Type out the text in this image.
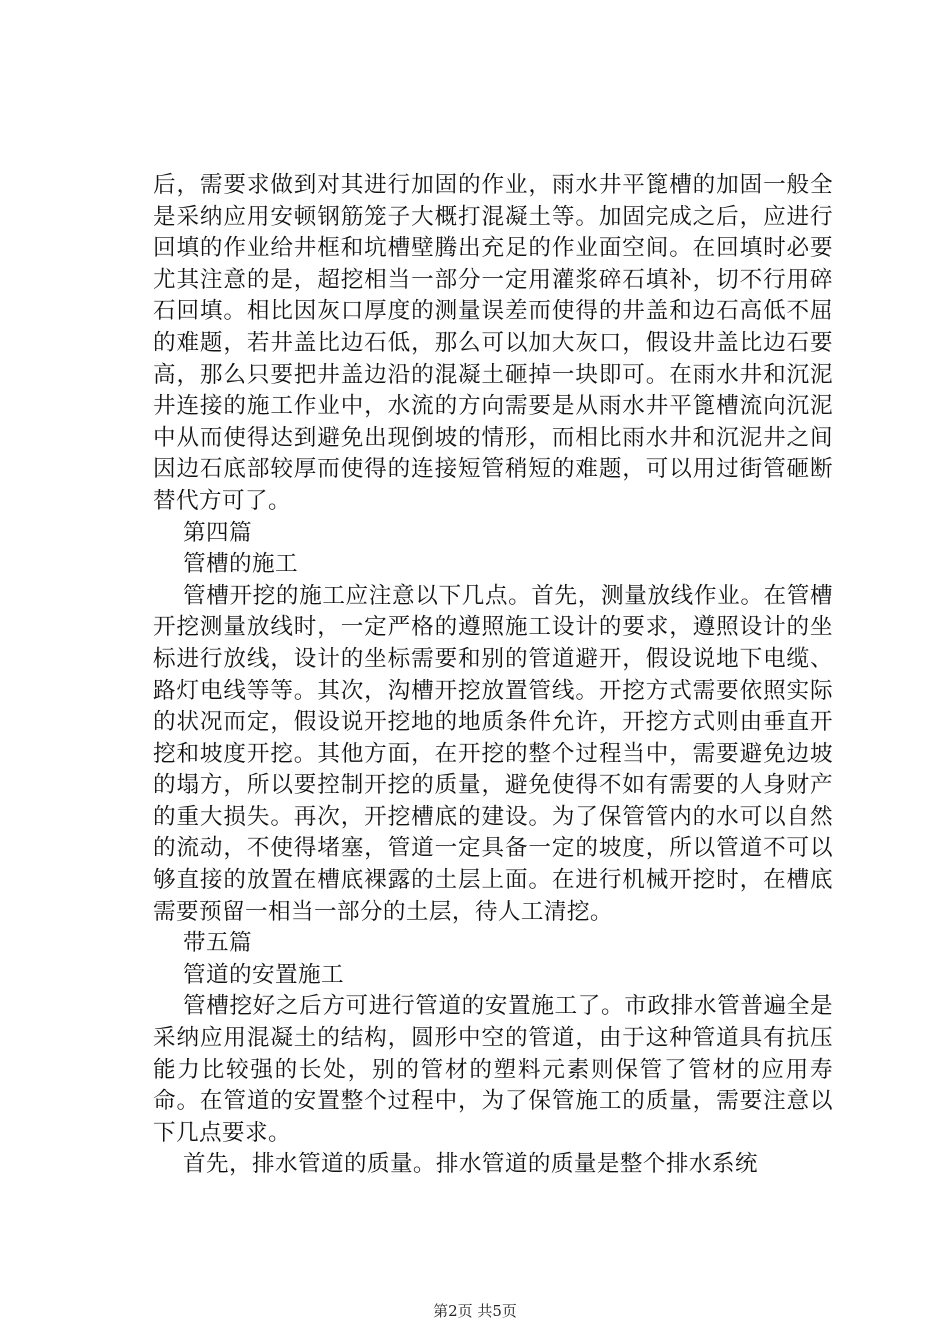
后，需要求做到对其进行加固的作业，雨水井平篦槽的加固一般全是采纳应用安顿钢筋笼子大概打混凝土等。加固完成之后，应进行回填的作业给井框和坑槽壁腾出充足的作业面空间。在回填时必要尤其注意的是，超挖相当一部分一定用灌浆碎石填补，切不行用碎石回填。相比因灰口厚度的测量误差而使得的井盖和边石高低不屈的难题，若井盖比边石低，那么可以加大灰口，假设井盖比边石要高，那么只要把井盖边沿的混凝土砸掉一块即可。在雨水井和沉泥井连接的施工作业中，水流的方向需要是从雨水井平篦槽流向沉泥中从而使得达到避免出现倒坡的情形，而相比雨水井和沉泥井之间因边石底部较厚而使得的连接短管稍短的难题，可以用过街管砸断替代方可了。

第四篇

管槽的施工

管槽开挖的施工应注意以下几点。首先，测量放线作业。在管槽开挖测量放线时，一定严格的遵照施工设计的要求，遵照设计的坐标进行放线，设计的坐标需要和别的管道避开，假设说地下电缆、路灯电线等等。其次，沟槽开挖放置管线。开挖方式需要依照实际的状况而定，假设说开挖地的地质条件允许，开挖方式则由垂直开挖和坡度开挖。其他方面，在开挖的整个过程当中，需要避免边坡的塌方，所以要控制开挖的质量，避免使得不如有需要的人身财产的重大损失。再次，开挖槽底的建设。为了保管管内的水可以自然的流动，不使得堵塞，管道一定具备一定的坡度，所以管道不可以够直接的放置在槽底裸露的土层上面。在进行机械开挖时，在槽底需要预留一相当一部分的土层，待人工清挖。

带五篇

管道的安置施工

管槽挖好之后方可进行管道的安置施工了。市政排水管普遍全是采纳应用混凝土的结构，圆形中空的管道，由于这种管道具有抗压能力比较强的长处，别的管材的塑料元素则保管了管材的应用寿命。在管道的安置整个过程中，为了保管施工的质量，需要注意以下几点要求。

首先，排水管道的质量。排水管道的质量是整个排水系统

第2页 共5页
